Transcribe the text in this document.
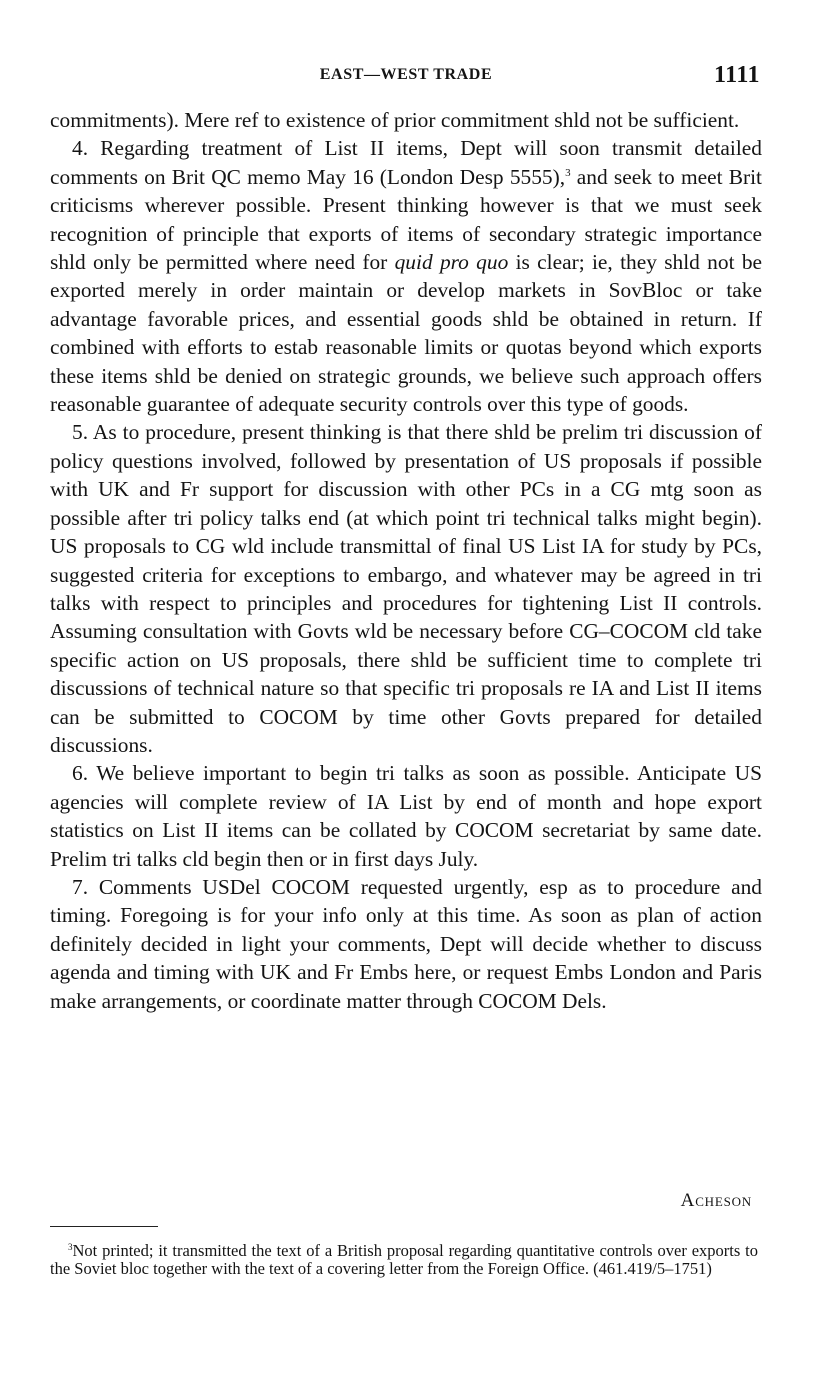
EAST—WEST TRADE	1111

commitments). Mere ref to existence of prior commitment shld not be sufficient.

4. Regarding treatment of List II items, Dept will soon transmit detailed comments on Brit QC memo May 16 (London Desp 5555),$^3$ and seek to meet Brit criticisms wherever possible. Present thinking however is that we must seek recognition of principle that exports of items of secondary strategic importance shld only be permitted where need for quid pro quo is clear; ie, they shld not be exported merely in order maintain or develop markets in SovBloc or take advantage favorable prices, and essential goods shld be obtained in return. If combined with efforts to estab reasonable limits or quotas beyond which exports these items shld be denied on strategic grounds, we believe such approach offers reasonable guarantee of adequate security controls over this type of goods.

5. As to procedure, present thinking is that there shld be prelim tri discussion of policy questions involved, followed by presentation of US proposals if possible with UK and Fr support for discussion with other PCs in a CG mtg soon as possible after tri policy talks end (at which point tri technical talks might begin). US proposals to CG wld include transmittal of final US List IA for study by PCs, suggested criteria for exceptions to embargo, and whatever may be agreed in tri talks with respect to principles and procedures for tightening List II controls. Assuming consultation with Govts wld be necessary before CG–COCOM cld take specific action on US proposals, there shld be sufficient time to complete tri discussions of technical nature so that specific tri proposals re IA and List II items can be submitted to COCOM by time other Govts prepared for detailed discussions.

6. We believe important to begin tri talks as soon as possible. Anticipate US agencies will complete review of IA List by end of month and hope export statistics on List II items can be collated by COCOM secretariat by same date. Prelim tri talks cld begin then or in first days July.

7. Comments USDel COCOM requested urgently, esp as to procedure and timing. Foregoing is for your info only at this time. As soon as plan of action definitely decided in light your comments, Dept will decide whether to discuss agenda and timing with UK and Fr Embs here, or request Embs London and Paris make arrangements, or coordinate matter through COCOM Dels.

Acheson
$^3$Not printed; it transmitted the text of a British proposal regarding quantitative controls over exports to the Soviet bloc together with the text of a covering letter from the Foreign Office. (461.419/5–1751)
